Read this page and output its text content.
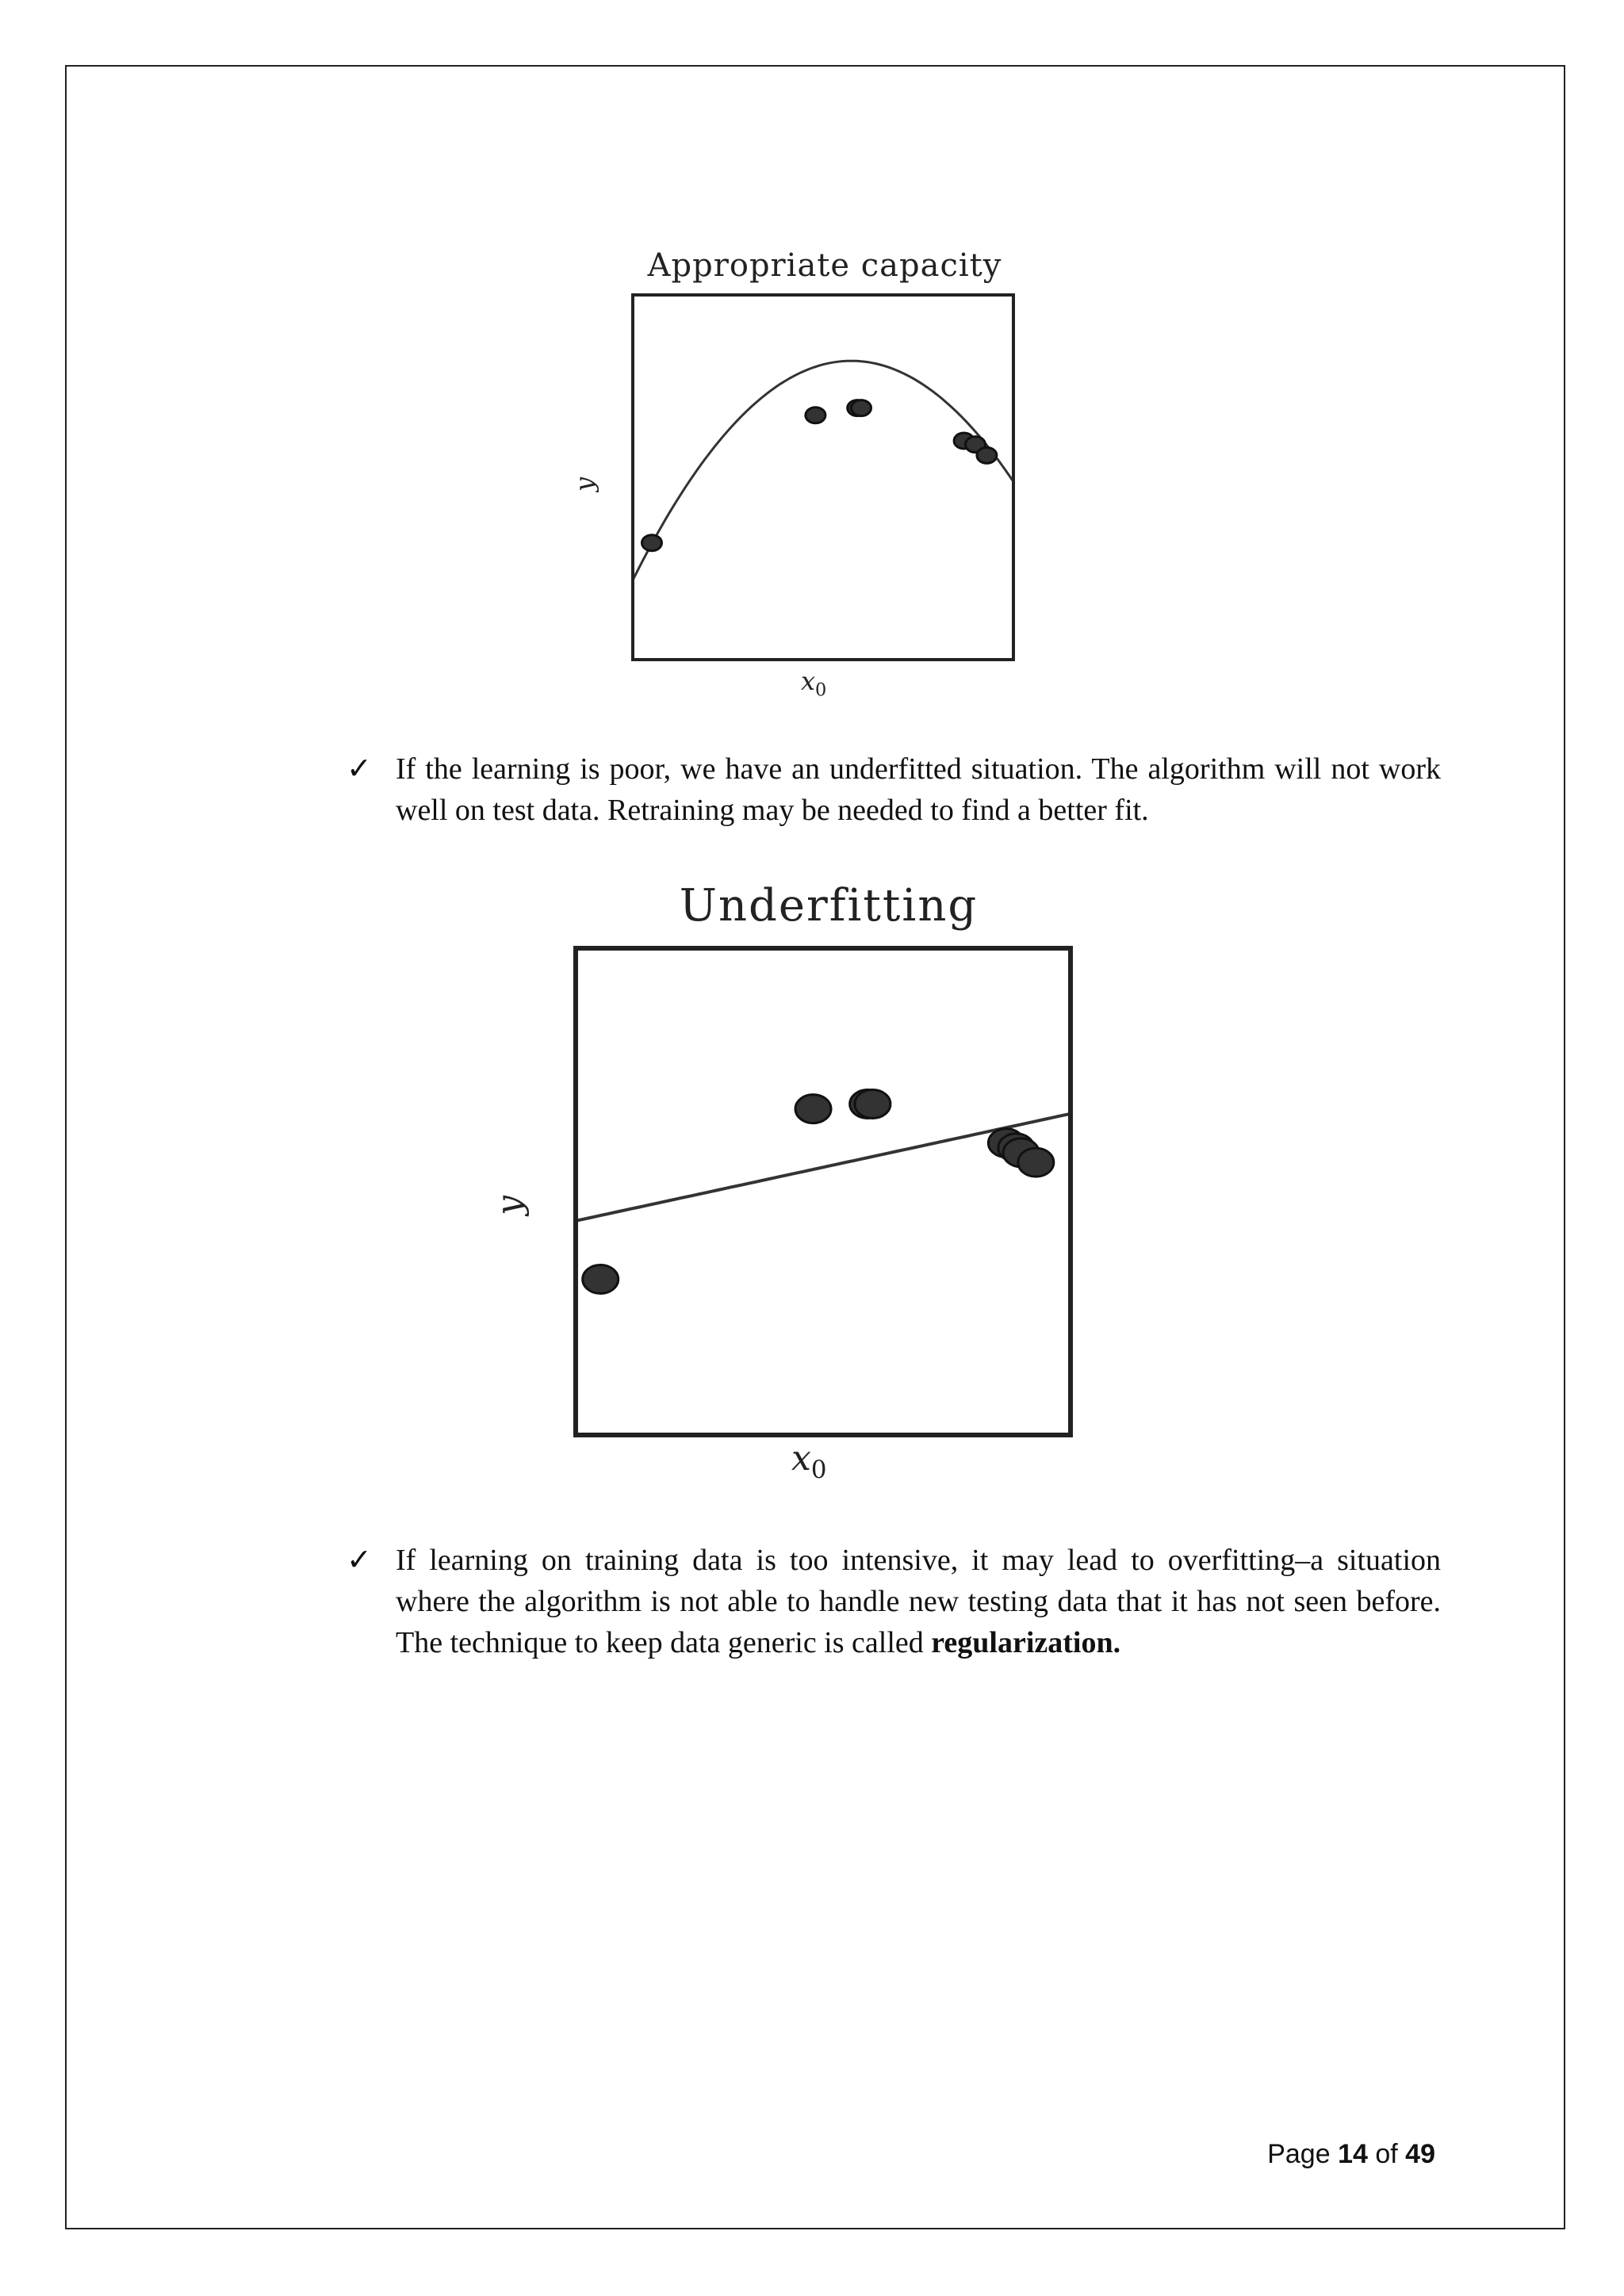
Appropriate capacity
y
$x_0$
✓ If the learning is poor, we have an underfitted situation. The algorithm will not work well on test data. Retraining may be needed to find a better fit.

Underfitting
y
$x_0$
✓ If learning on training data is too intensive, it may lead to overfitting–a situation where the algorithm is not able to handle new testing data that it has not seen before. The technique to keep data generic is called regularization.

Page 14 of 49
